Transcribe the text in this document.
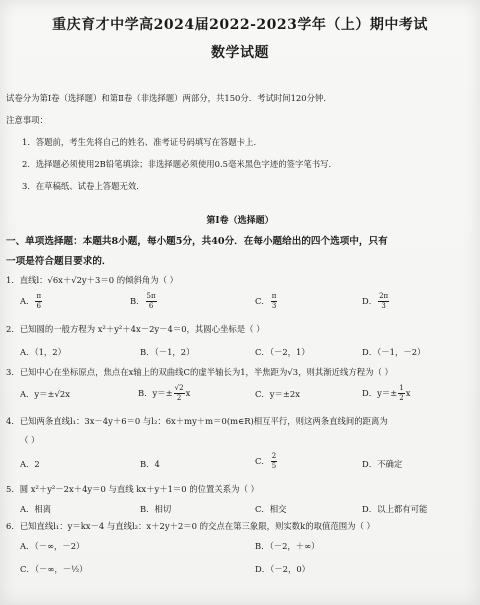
重庆育才中学高2024届2022-2023学年（上）期中考试
数学试题
试卷分为第Ⅰ卷（选择题）和第Ⅱ卷（非选择题）两部分，共150分．考试时间120分钟．
注意事项：
1．答题前，考生先将自己的姓名、准考证号码填写在答题卡上．
2．选择题必须使用2B铅笔填涂；非选择题必须使用0.5毫米黑色字迹的签字笔书写．
3．在草稿纸、试卷上答题无效．
第Ⅰ卷（选择题）
一、单项选择题：本题共8小题，每小题5分，共40分．在每小题给出的四个选项中，只有
一项是符合题目要求的．
1．直线l：√6x＋√2y＋3＝0 的倾斜角为（ ）
A． $\frac{\pi}{6}$	B． $\frac{5\pi}{6}$	C． $\frac{\pi}{3}$	D． $\frac{2\pi}{3}$
2．已知圆的一般方程为 x²＋y²＋4x－2y－4＝0，其圆心坐标是（ ）
A．（1，2）	B．（－1，2）	C．（－2，1）	D．（－1，－2）
3．已知中心在坐标原点，焦点在x轴上的双曲线C的虚半轴长为1，半焦距为√3，则其渐近线方程为（ ）
A．y＝±√2x	B．$y=\pm \frac{√2}{2}$ x	C．y＝±2x	D．$y=\pm \frac{1}{2}$ x
4．已知两条直线l₁：3x－4y＋6＝0 与l₂：6x＋my＋m＝0(m∈R)相互平行，则这两条直线间的距离为
（ ）
A．2	B．4	C． $\frac{2}{5}$	D．不确定
5．圆 x²＋y²－2x＋4y＝0 与直线 kx＋y＋1＝0 的位置关系为（ ）
A．相离	B．相切	C．相交	D．以上都有可能
6．已知直线l₁：y＝kx－4 与直线l₂：x＋2y＋2＝0 的交点在第三象限，则实数k的取值范围为（ ）
A．（－∞，－2）	B．（－2，＋∞）
C．（－∞，－½）	D．（－2，0）
